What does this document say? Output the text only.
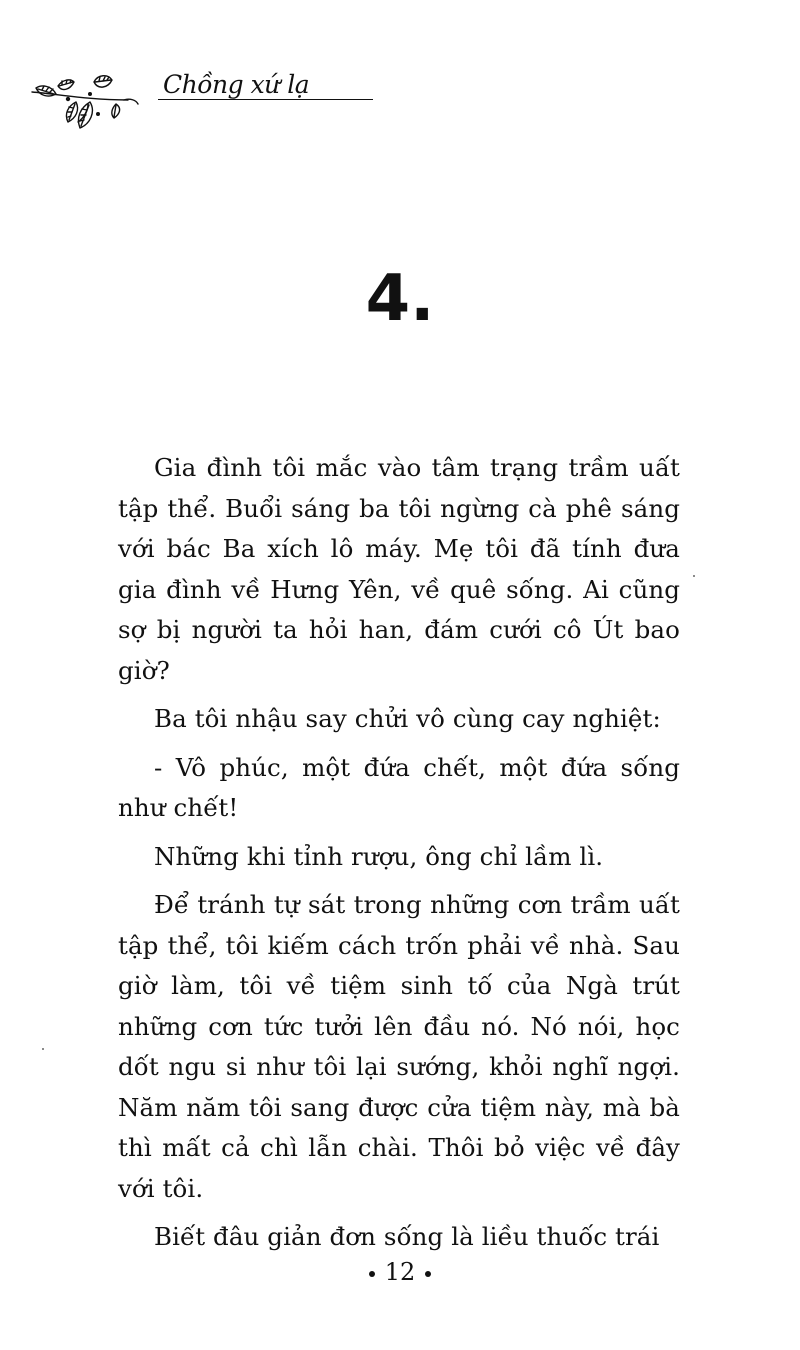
Chồng xứ lạ
4.

Gia đình tôi mắc vào tâm trạng trầm uất tập thể. Buổi sáng ba tôi ngừng cà phê sáng với bác Ba xích lô máy. Mẹ tôi đã tính đưa gia đình về Hưng Yên, về quê sống. Ai cũng sợ bị người ta hỏi han, đám cưới cô Út bao giờ?

Ba tôi nhậu say chửi vô cùng cay nghiệt:

- Vô phúc, một đứa chết, một đứa sống như chết!

Những khi tỉnh rượu, ông chỉ lầm lì.

Để tránh tự sát trong những cơn trầm uất tập thể, tôi kiếm cách trốn phải về nhà. Sau giờ làm, tôi về tiệm sinh tố của Ngà trút những cơn tức tưởi lên đầu nó. Nó nói, học dốt ngu si như tôi lại sướng, khỏi nghĩ ngợi. Năm năm tôi sang được cửa tiệm này, mà bà thì mất cả chì lẫn chài. Thôi bỏ việc về đây với tôi.

Biết đâu giản đơn sống là liều thuốc trái

12
